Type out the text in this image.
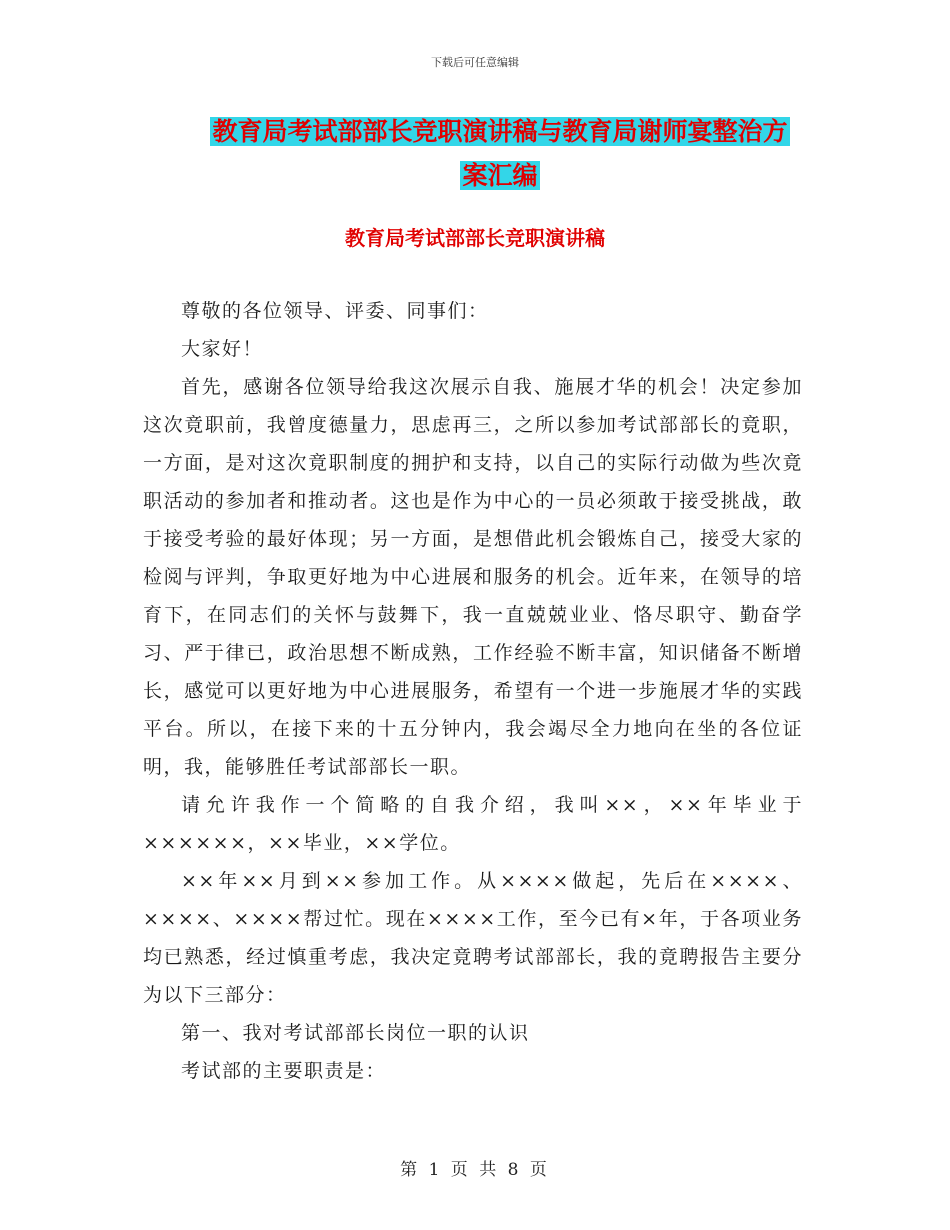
下载后可任意编辑
教育局考试部部长竞职演讲稿与教育局谢师宴整治方
案汇编
教育局考试部部长竞职演讲稿

尊敬的各位领导、评委、同事们：

大家好！

首先，感谢各位领导给我这次展示自我、施展才华的机会！决定参加这次竟职前，我曾度德量力，思虑再三，之所以参加考试部部长的竟职，一方面，是对这次竟职制度的拥护和支持，以自己的实际行动做为些次竟职活动的参加者和推动者。这也是作为中心的一员必须敢于接受挑战，敢于接受考验的最好体现；另一方面，是想借此机会锻炼自己，接受大家的检阅与评判，争取更好地为中心进展和服务的机会。近年来，在领导的培育下，在同志们的关怀与鼓舞下，我一直兢兢业业、恪尽职守、勤奋学习、严于律已，政治思想不断成熟，工作经验不断丰富，知识储备不断增长，感觉可以更好地为中心进展服务，希望有一个进一步施展才华的实践平台。所以，在接下来的十五分钟内，我会竭尽全力地向在坐的各位证明，我，能够胜任考试部部长一职。

请允许我作一个简略的自我介绍，我叫××，××年毕业于××××××，××毕业，××学位。

××年××月到××参加工作。从××××做起，先后在××××、××××、××××帮过忙。现在××××工作，至今已有×年，于各项业务均已熟悉，经过慎重考虑，我决定竟聘考试部部长，我的竟聘报告主要分为以下三部分：

第一、我对考试部部长岗位一职的认识

考试部的主要职责是：

第 1 页 共 8 页
